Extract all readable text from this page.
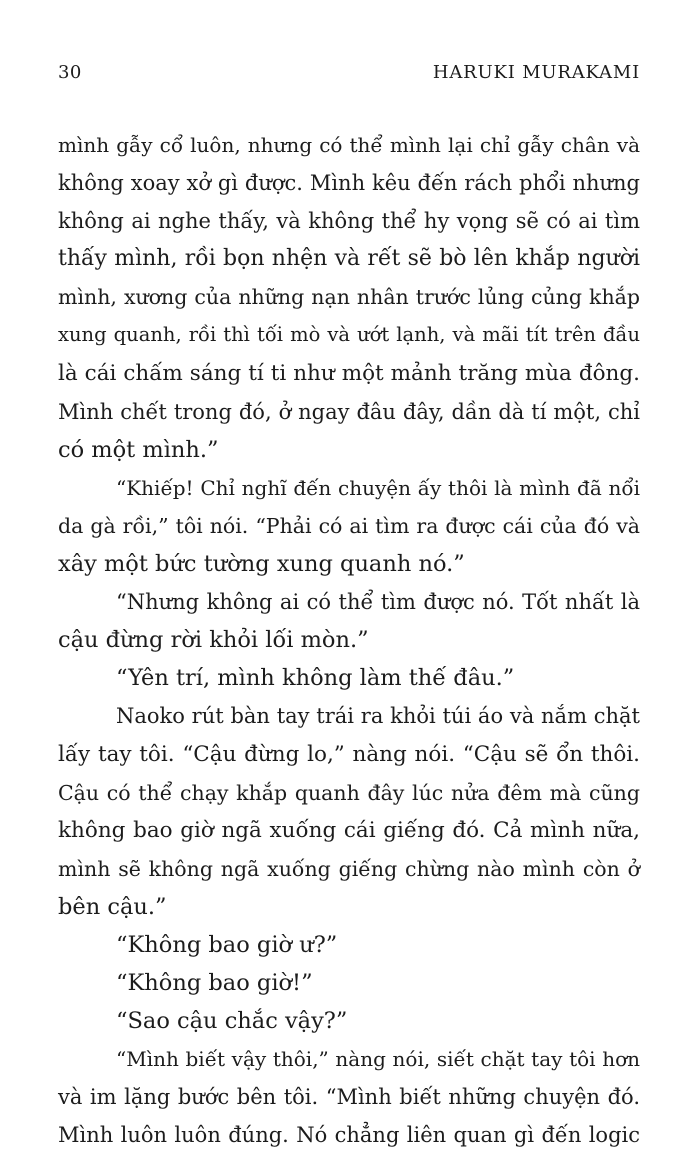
30	HARUKI MURAKAMI
mình gẫy cổ luôn, nhưng có thể mình lại chỉ gẫy chân và
không xoay xở gì được. Mình kêu đến rách phổi nhưng
không ai nghe thấy, và không thể hy vọng sẽ có ai tìm
thấy mình, rồi bọn nhện và rết sẽ bò lên khắp người
mình, xương của những nạn nhân trước lủng củng khắp
xung quanh, rồi thì tối mò và ướt lạnh, và mãi tít trên đầu
là cái chấm sáng tí ti như một mảnh trăng mùa đông.
Mình chết trong đó, ở ngay đâu đây, dần dà tí một, chỉ
có một mình.”
“Khiếp! Chỉ nghĩ đến chuyện ấy thôi là mình đã nổi
da gà rồi,” tôi nói. “Phải có ai tìm ra được cái của đó và
xây một bức tường xung quanh nó.”
“Nhưng không ai có thể tìm được nó. Tốt nhất là
cậu đừng rời khỏi lối mòn.”
“Yên trí, mình không làm thế đâu.”
Naoko rút bàn tay trái ra khỏi túi áo và nắm chặt
lấy tay tôi. “Cậu đừng lo,” nàng nói. “Cậu sẽ ổn thôi.
Cậu có thể chạy khắp quanh đây lúc nửa đêm mà cũng
không bao giờ ngã xuống cái giếng đó. Cả mình nữa,
mình sẽ không ngã xuống giếng chừng nào mình còn ở
bên cậu.”
“Không bao giờ ư?”
“Không bao giờ!”
“Sao cậu chắc vậy?”
“Mình biết vậy thôi,” nàng nói, siết chặt tay tôi hơn
và im lặng bước bên tôi. “Mình biết những chuyện đó.
Mình luôn luôn đúng. Nó chẳng liên quan gì đến logic
